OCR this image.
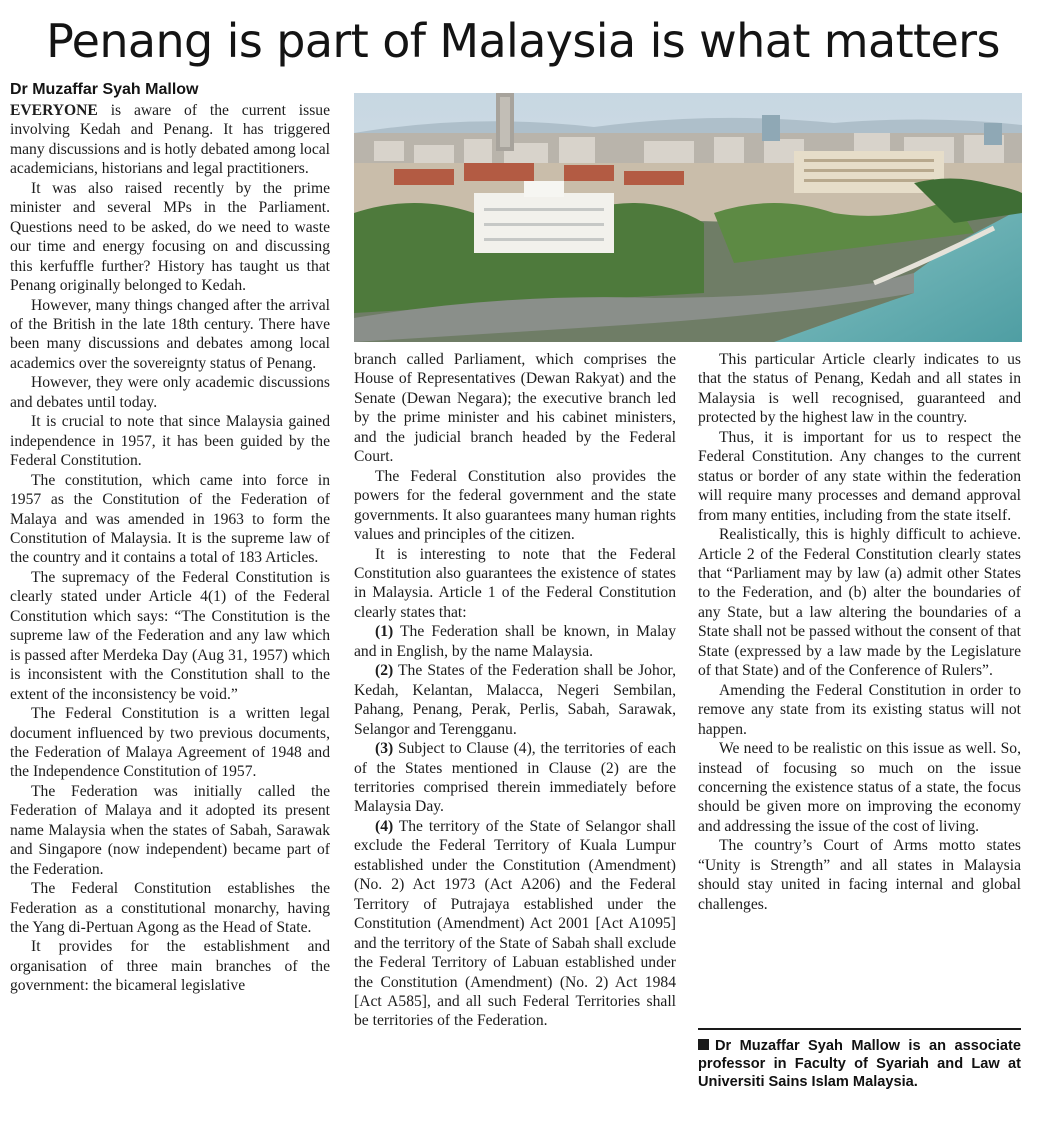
Penang is part of Malaysia is what matters
Dr Muzaffar Syah Mallow

EVERYONE is aware of the current issue involving Kedah and Penang. It has triggered many discussions and is hotly debated among local academicians, historians and legal practitioners.

It was also raised recently by the prime minister and several MPs in the Parliament. Questions need to be asked, do we need to waste our time and energy focusing on and discussing this kerfuffle further? History has taught us that Penang originally belonged to Kedah.

However, many things changed after the arrival of the British in the late 18th century. There have been many discussions and debates among local academics over the sovereignty status of Penang.

However, they were only academic discussions and debates until today.

It is crucial to note that since Malaysia gained independence in 1957, it has been guided by the Federal Constitution.

The constitution, which came into force in 1957 as the Constitution of the Federation of Malaya and was amended in 1963 to form the Constitution of Malaysia. It is the supreme law of the country and it contains a total of 183 Articles.

The supremacy of the Federal Constitution is clearly stated under Article 4(1) of the Federal Constitution which says: “The Constitution is the supreme law of the Federation and any law which is passed after Merdeka Day (Aug 31, 1957) which is inconsistent with the Constitution shall to the extent of the inconsistency be void.”

The Federal Constitution is a written legal document influenced by two previous documents, the Federation of Malaya Agreement of 1948 and the Independence Constitution of 1957.

The Federation was initially called the Federation of Malaya and it adopted its present name Malaysia when the states of Sabah, Sarawak and Singapore (now independent) became part of the Federation.

The Federal Constitution establishes the Federation as a constitutional monarchy, having the Yang di-Pertuan Agong as the Head of State.

It provides for the establishment and organisation of three main branches of the government: the bicameral legislative

branch called Parliament, which comprises the House of Representatives (Dewan Rakyat) and the Senate (Dewan Negara); the executive branch led by the prime minister and his cabinet ministers, and the judicial branch headed by the Federal Court.

The Federal Constitution also provides the powers for the federal government and the state governments. It also guarantees many human rights values and principles of the citizen.

It is interesting to note that the Federal Constitution also guarantees the existence of states in Malaysia. Article 1 of the Federal Constitution clearly states that:

(1) The Federation shall be known, in Malay and in English, by the name Malaysia.

(2) The States of the Federation shall be Johor, Kedah, Kelantan, Malacca, Negeri Sembilan, Pahang, Penang, Perak, Perlis, Sabah, Sarawak, Selangor and Terengganu.

(3) Subject to Clause (4), the territories of each of the States mentioned in Clause (2) are the territories comprised therein immediately before Malaysia Day.

(4) The territory of the State of Selangor shall exclude the Federal Territory of Kuala Lumpur established under the Constitution (Amendment) (No. 2) Act 1973 (Act A206) and the Federal Territory of Putrajaya established under the Constitution (Amendment) Act 2001 [Act A1095] and the territory of the State of Sabah shall exclude the Federal Territory of Labuan established under the Constitution (Amendment) (No. 2) Act 1984 [Act A585], and all such Federal Territories shall be territories of the Federation.

This particular Article clearly indicates to us that the status of Penang, Kedah and all states in Malaysia is well recognised, guaranteed and protected by the highest law in the country.

Thus, it is important for us to respect the Federal Constitution. Any changes to the current status or border of any state within the federation will require many processes and demand approval from many entities, including from the state itself.

Realistically, this is highly difficult to achieve. Article 2 of the Federal Constitution clearly states that “Parliament may by law (a) admit other States to the Federation, and (b) alter the boundaries of any State, but a law altering the boundaries of a State shall not be passed without the consent of that State (expressed by a law made by the Legislature of that State) and of the Conference of Rulers”.

Amending the Federal Constitution in order to remove any state from its existing status will not happen.

We need to be realistic on this issue as well. So, instead of focusing so much on the issue concerning the existence status of a state, the focus should be given more on improving the economy and addressing the issue of the cost of living.

The country’s Court of Arms motto states “Unity is Strength” and all states in Malaysia should stay united in facing internal and global challenges.

Dr Muzaffar Syah Mallow is an associate professor in Faculty of Syariah and Law at Universiti Sains Islam Malaysia.
